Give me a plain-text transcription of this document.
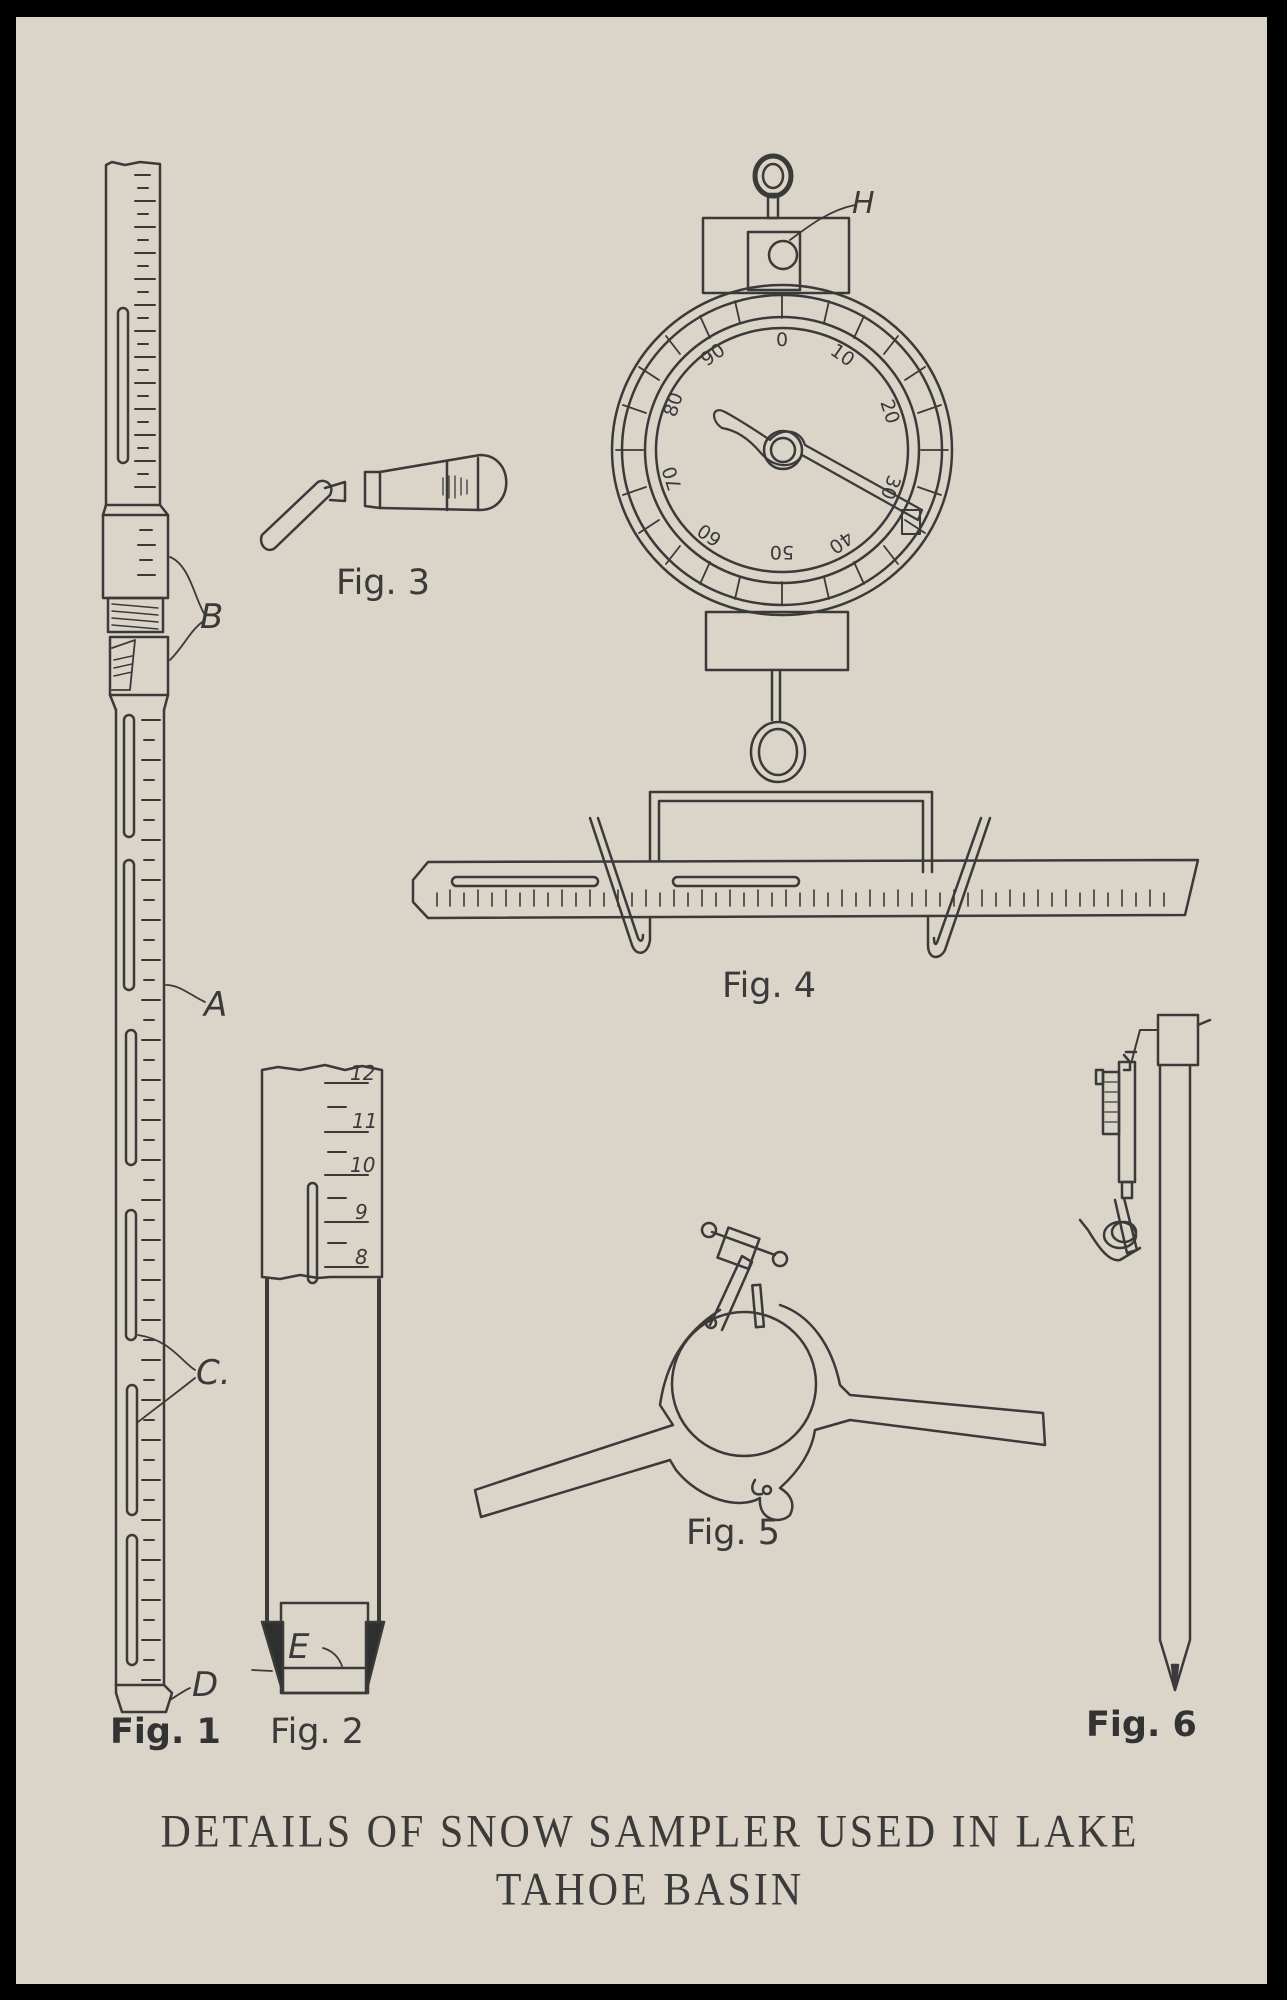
0 10
20
30
40
50
60
70
80
90
12
11
10
9
8
B
A
C.
D
E
H
Fig. 1 Fig. 2
Fig. 3
Fig. 4
Fig. 5
Fig. 6
DETAILS OF SNOW SAMPLER USED IN LAKE
TAHOE BASIN
